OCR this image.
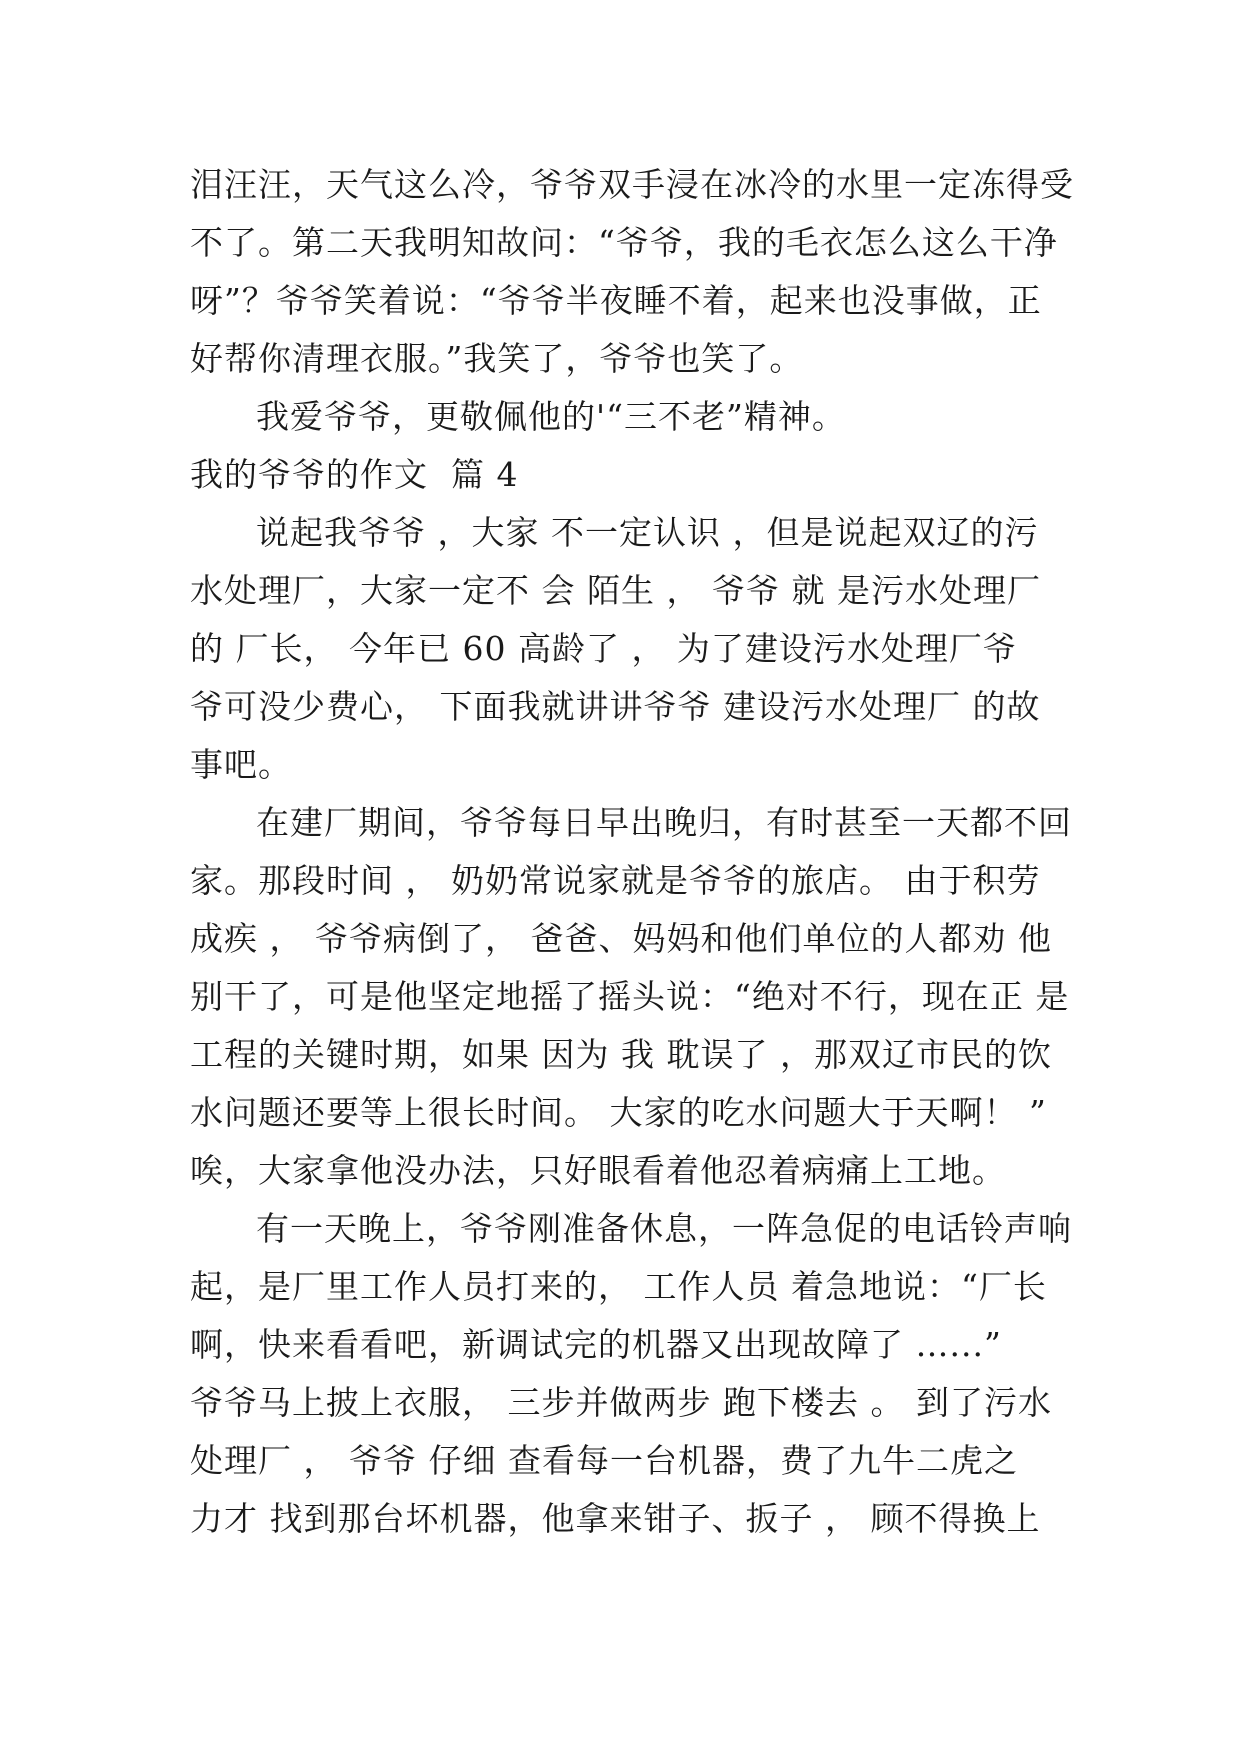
泪汪汪，天气这么冷，爷爷双手浸在冰冷的水里一定冻得受
不了。第二天我明知故问：“爷爷，我的毛衣怎么这么干净
呀”？爷爷笑着说：“爷爷半夜睡不着，起来也没事做，正
好帮你清理衣服。”我笑了，爷爷也笑了。
我爱爷爷，更敬佩他的'“三不老”精神。
我的爷爷的作文  篇 4
说起我爷爷 ，大家 不一定认识 ，但是说起双辽的污
水处理厂，大家一定不 会 陌生 ， 爷爷 就 是污水处理厂
的 厂长， 今年已 60 高龄了 ， 为了建设污水处理厂爷
爷可没少费心， 下面我就讲讲爷爷 建设污水处理厂 的故
事吧。
在建厂期间，爷爷每日早出晚归，有时甚至一天都不回
家。那段时间 ， 奶奶常说家就是爷爷的旅店。 由于积劳
成疾 ， 爷爷病倒了， 爸爸、妈妈和他们单位的人都劝 他
别干了，可是他坚定地摇了摇头说：“绝对不行，现在正 是
工程的关键时期，如果 因为 我 耽误了 ，那双辽市民的饮
水问题还要等上很长时间。 大家的吃水问题大于天啊！ ”
唉，大家拿他没办法，只好眼看着他忍着病痛上工地。
有一天晚上，爷爷刚准备休息，一阵急促的电话铃声响
起，是厂里工作人员打来的， 工作人员 着急地说：“厂长
啊，快来看看吧，新调试完的机器又出现故障了 …...”
爷爷马上披上衣服， 三步并做两步 跑下楼去 。 到了污水
处理厂 ， 爷爷 仔细 查看每一台机器，费了九牛二虎之
力才 找到那台坏机器，他拿来钳子、扳子 ， 顾不得换上
